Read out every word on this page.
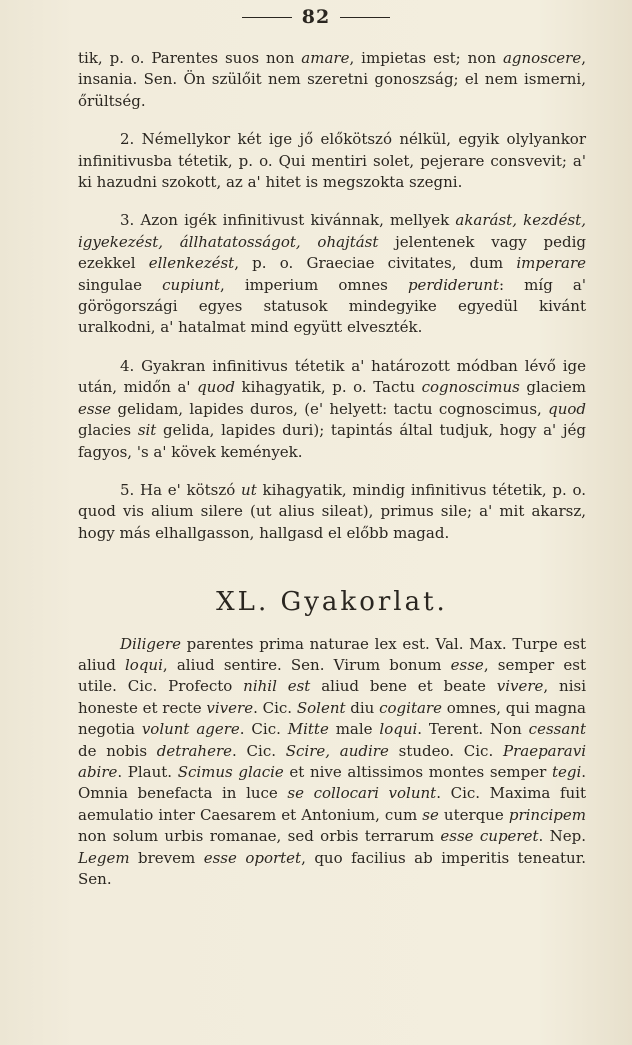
82

tik, p. o. Parentes suos non amare, impietas est; non agnoscere, insania. Sen. Ön szülőit nem szeretni gonoszság; el nem ismerni, őrültség.

2. Némellykor két ige jő előkötszó nélkül, egyik olylyankor infinitivusba tétetik, p. o. Qui mentiri solet, pejerare consvevit; a' ki hazudni szokott, az a' hitet is megszokta szegni.

3. Azon igék infinitivust kivánnak, mellyek akarást, kezdést, igyekezést, állhatatosságot, ohajtást jelentenek vagy pedig ezekkel ellenkezést, p. o. Graeciae civitates, dum imperare singulae cupiunt, imperium omnes perdiderunt: míg a' görögországi egyes statusok mindegyike egyedül kivánt uralkodni, a' hatalmat mind együtt elveszték.

4. Gyakran infinitivus tétetik a' határozott módban lévő ige után, midőn a' quod kihagyatik, p. o. Tactu cognoscimus glaciem esse gelidam, lapides duros, (e' helyett: tactu cognoscimus, quod glacies sit gelida, lapides duri); tapintás által tudjuk, hogy a' jég fagyos, 's a' kövek kemények.

5. Ha e' kötszó ut kihagyatik, mindig infinitivus tétetik, p. o. quod vis alium silere (ut alius sileat), primus sile; a' mit akarsz, hogy más elhallgasson, hallgasd el előbb magad.

XL. Gyakorlat.

Diligere parentes prima naturae lex est. Val. Max. Turpe est aliud loqui, aliud sentire. Sen. Virum bonum esse, semper est utile. Cic. Profecto nihil est aliud bene et beate vivere, nisi honeste et recte vivere. Cic. Solent diu cogitare omnes, qui magna negotia volunt agere. Cic. Mitte male loqui. Terent. Non cessant de nobis detrahere. Cic. Scire, audire studeo. Cic. Praeparavi abire. Plaut. Scimus glacie et nive altissimos montes semper tegi. Omnia benefacta in luce se collocari volunt. Cic. Maxima fuit aemulatio inter Caesarem et Antonium, cum se uterque principem non solum urbis romanae, sed orbis terrarum esse cuperet. Nep. Legem brevem esse oportet, quo facilius ab imperitis teneatur. Sen.
